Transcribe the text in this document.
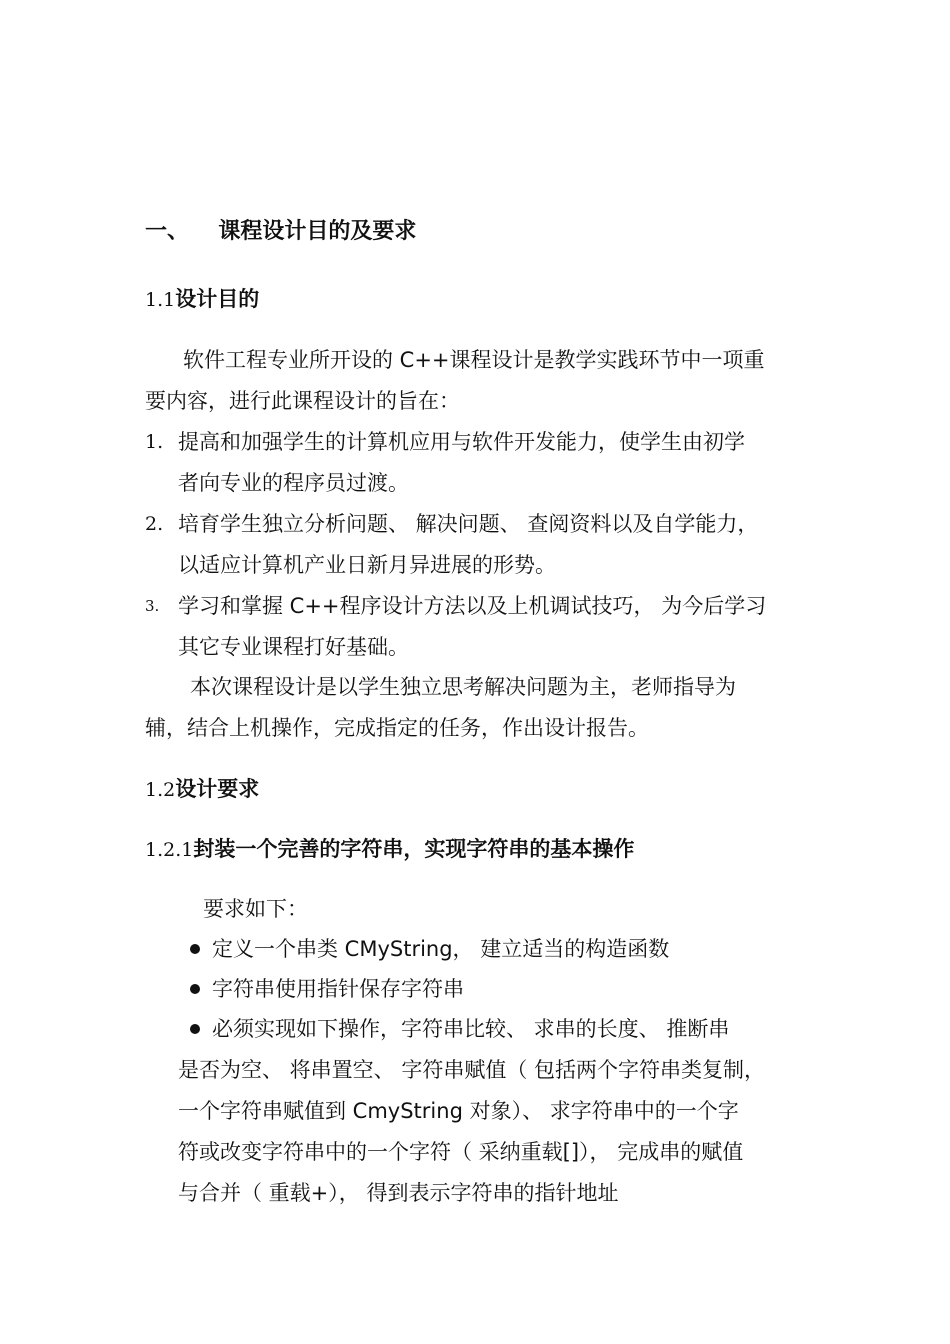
一、 课程设计目的及要求
1.1设计目的
软件工程专业所开设的 C++课程设计是教学实践环节中一项重
要内容，进行此课程设计的旨在：
1. 提高和加强学生的计算机应用与软件开发能力，使学生由初学
者向专业的程序员过渡。
2. 培育学生独立分析问题、 解决问题、 查阅资料以及自学能力，
以适应计算机产业日新月异进展的形势。
3. 学习和掌握 C++程序设计方法以及上机调试技巧， 为今后学习
其它专业课程打好基础。
本次课程设计是以学生独立思考解决问题为主，老师指导为
辅，结合上机操作，完成指定的任务，作出设计报告。
1.2设计要求
1.2.1封装一个完善的字符串，实现字符串的基本操作
要求如下：
定义一个串类 CMyString， 建立适当的构造函数
字符串使用指针保存字符串
必须实现如下操作，字符串比较、 求串的长度、 推断串
是否为空、 将串置空、 字符串赋值（ 包括两个字符串类复制，
一个字符串赋值到 CmyString 对象）、 求字符串中的一个字
符或改变字符串中的一个字符（ 采纳重载[]）， 完成串的赋值
与合并（ 重载+）， 得到表示字符串的指针地址
